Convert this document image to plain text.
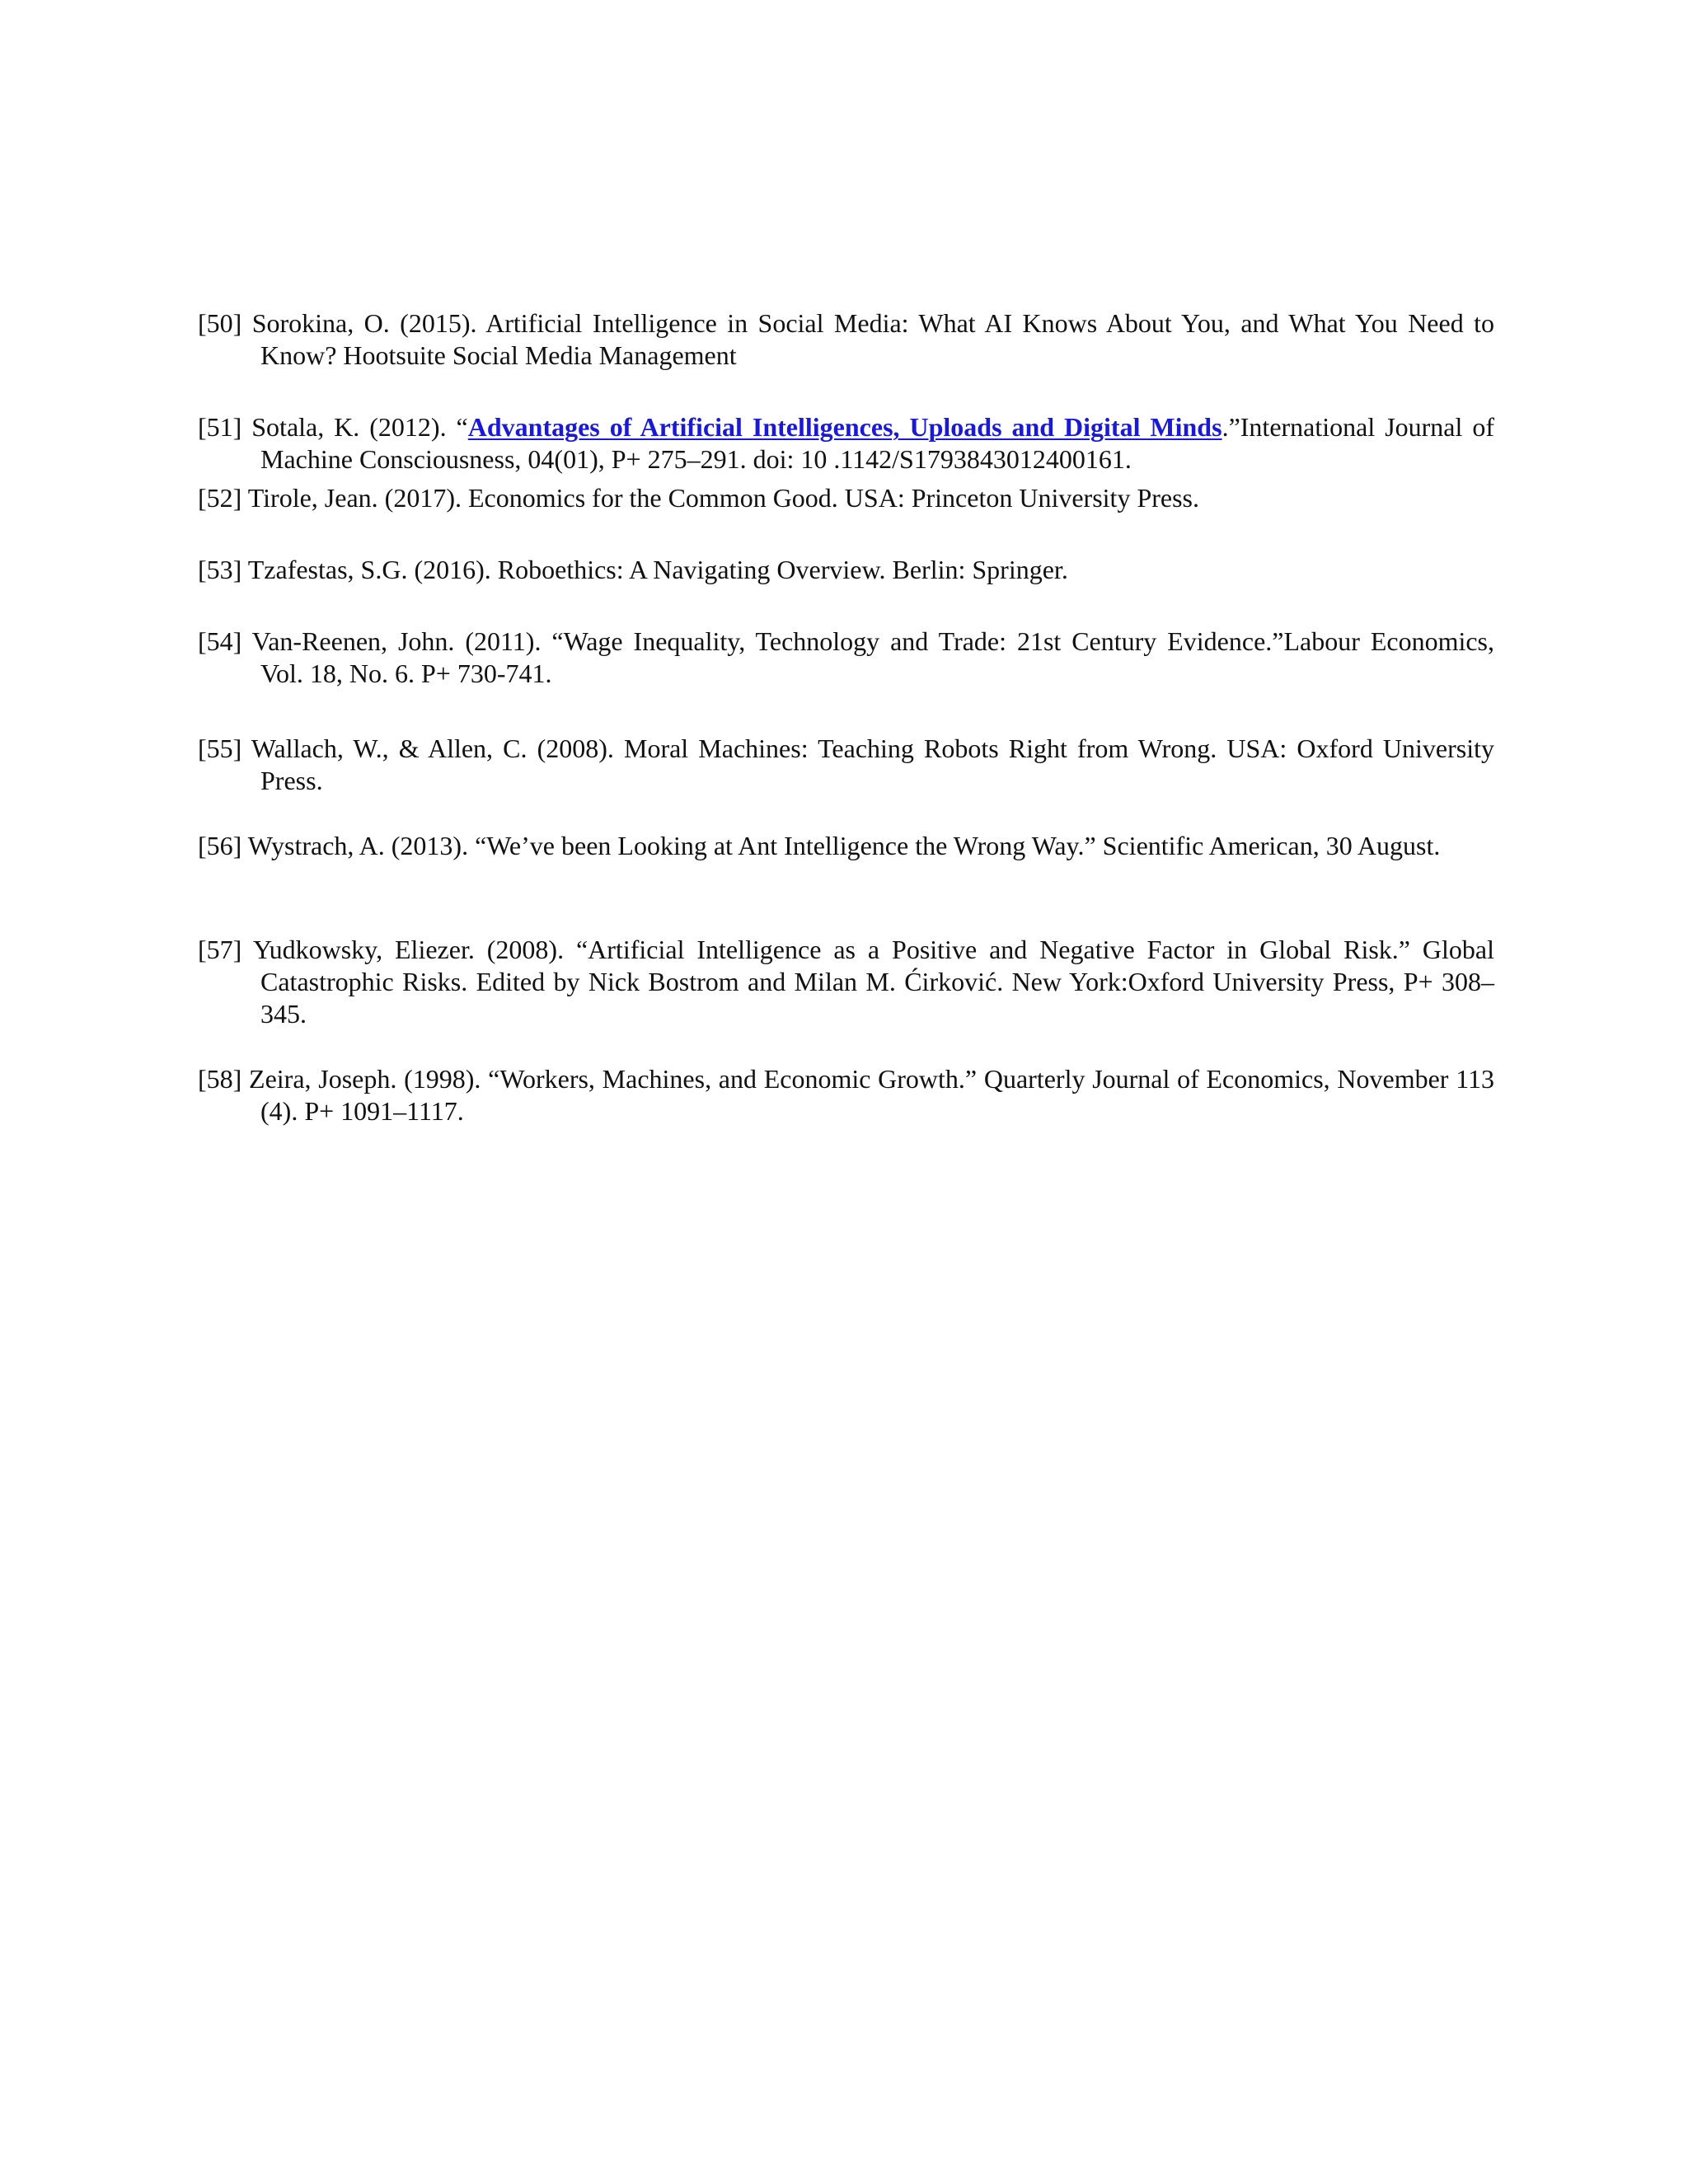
[50] Sorokina, O. (2015). Artificial Intelligence in Social Media: What AI Knows About You, and What You Need to Know? Hootsuite Social Media Management

[51] Sotala, K. (2012). “Advantages of Artificial Intelligences, Uploads and Digital Minds.”International Journal of Machine Consciousness, 04(01), P+ 275–291. doi: 10 .1142/S1793843012400161.

[52] Tirole, Jean. (2017). Economics for the Common Good. USA: Princeton University Press.

[53] Tzafestas, S.G. (2016). Roboethics: A Navigating Overview. Berlin: Springer.

[54] Van-Reenen, John. (2011). “Wage Inequality, Technology and Trade: 21st Century Evidence.”Labour Economics, Vol. 18, No. 6. P+ 730-741.

[55] Wallach, W., & Allen, C. (2008). Moral Machines: Teaching Robots Right from Wrong. USA: Oxford University Press.

[56] Wystrach, A. (2013). “We’ve been Looking at Ant Intelligence the Wrong Way.” Scientific American, 30 August.

[57] Yudkowsky, Eliezer. (2008). “Artificial Intelligence as a Positive and Negative Factor in Global Risk.” Global Catastrophic Risks. Edited by Nick Bostrom and Milan M. Ćirković. New York:Oxford University Press, P+ 308–345.

[58] Zeira, Joseph. (1998). “Workers, Machines, and Economic Growth.” Quarterly Journal of Economics, November 113 (4). P+ 1091–1117.
